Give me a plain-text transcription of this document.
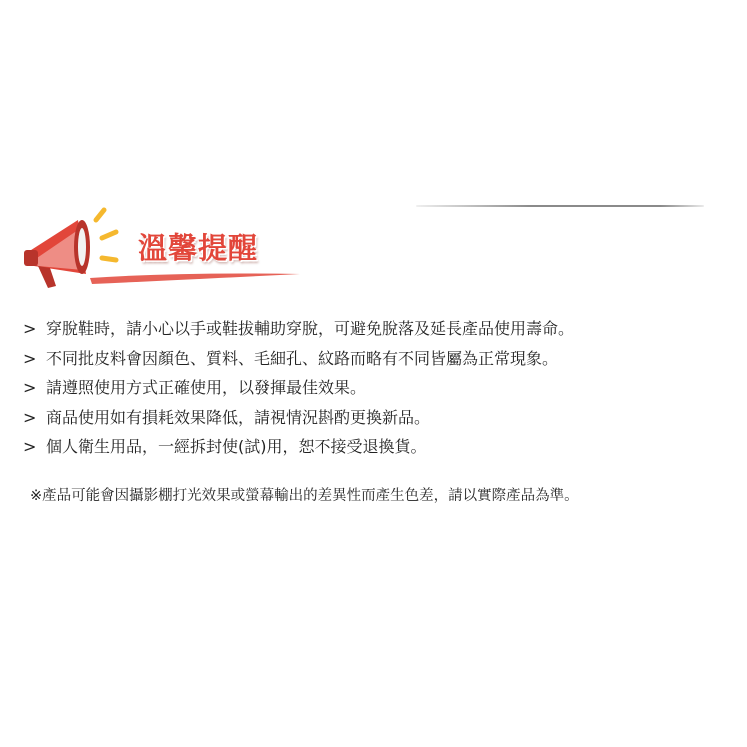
溫馨提醒
> 穿脫鞋時，請小心以手或鞋拔輔助穿脫，可避免脫落及延長產品使用壽命。
> 不同批皮料會因顏色、質料、毛細孔、紋路而略有不同皆屬為正常現象。
> 請遵照使用方式正確使用，以發揮最佳效果。
> 商品使用如有損耗效果降低，請視情況斟酌更換新品。
> 個人衛生用品，一經拆封使(試)用，恕不接受退換貨。
※產品可能會因攝影棚打光效果或螢幕輸出的差異性而產生色差，請以實際產品為準。
